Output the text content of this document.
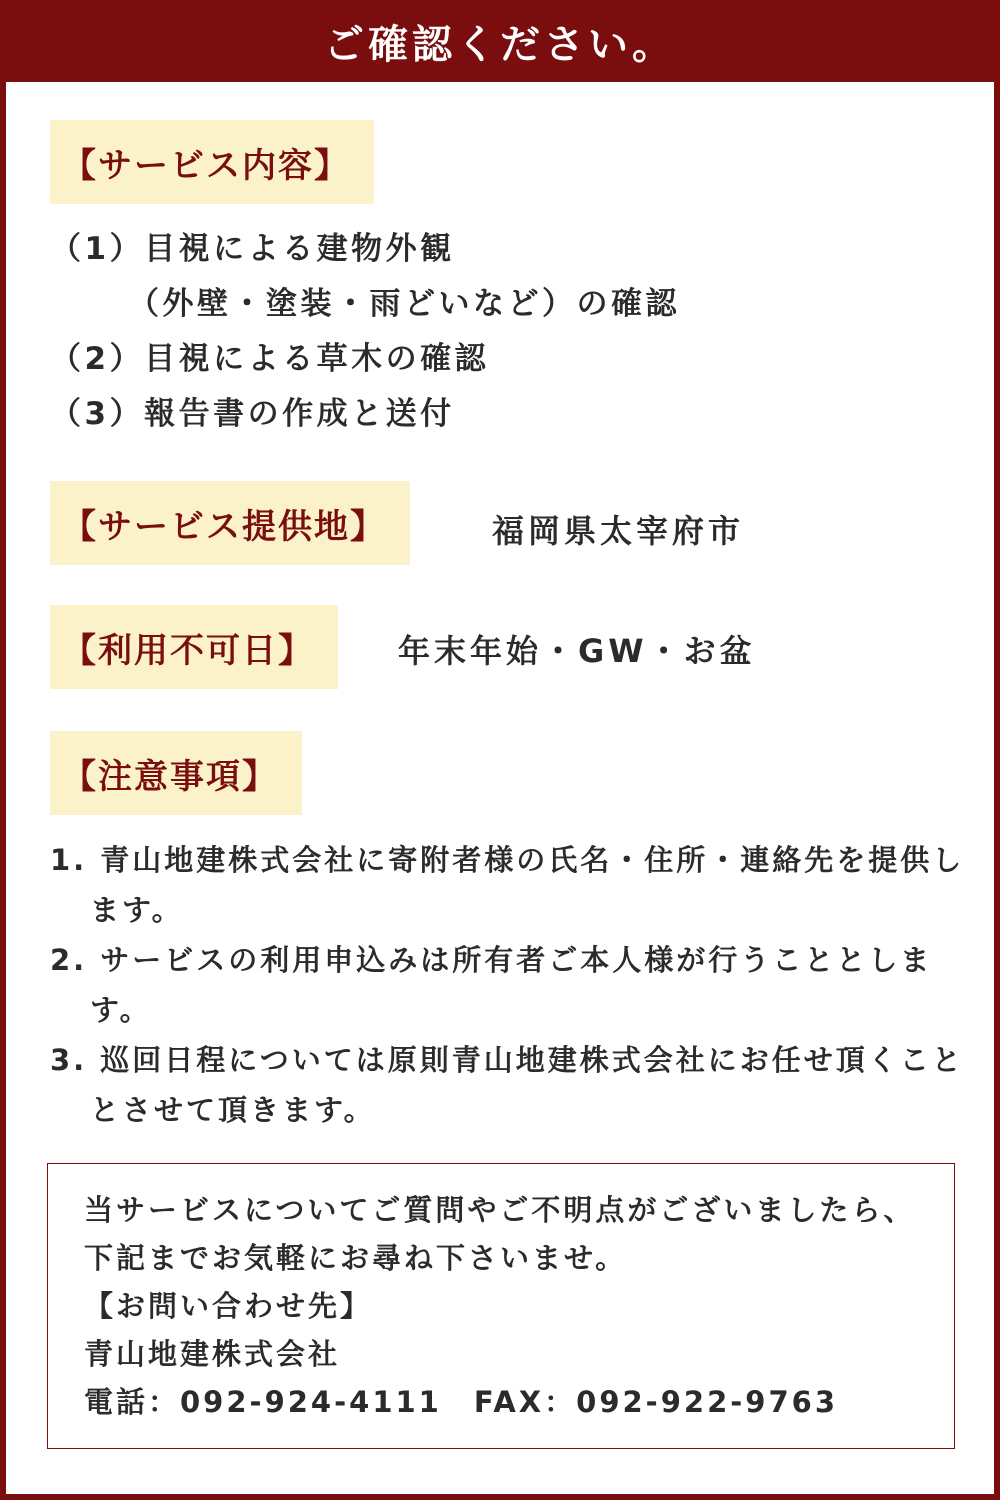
ご確認ください。
【サービス内容】
（1）目視による建物外観
（外壁・塗装・雨どいなど）の確認
（2）目視による草木の確認
（3）報告書の作成と送付
【サービス提供地】	福岡県太宰府市
【利用不可日】	年末年始・GW・お盆
【注意事項】
1. 青山地建株式会社に寄附者様の氏名・住所・連絡先を提供します。
2. サービスの利用申込みは所有者ご本人様が行うこととします。
3. 巡回日程については原則青山地建株式会社にお任せ頂くこととさせて頂きます。
当サービスについてご質問やご不明点がございましたら、
下記までお気軽にお尋ね下さいませ。
【お問い合わせ先】
青山地建株式会社
電話：092-924-4111　FAX：092-922-9763
